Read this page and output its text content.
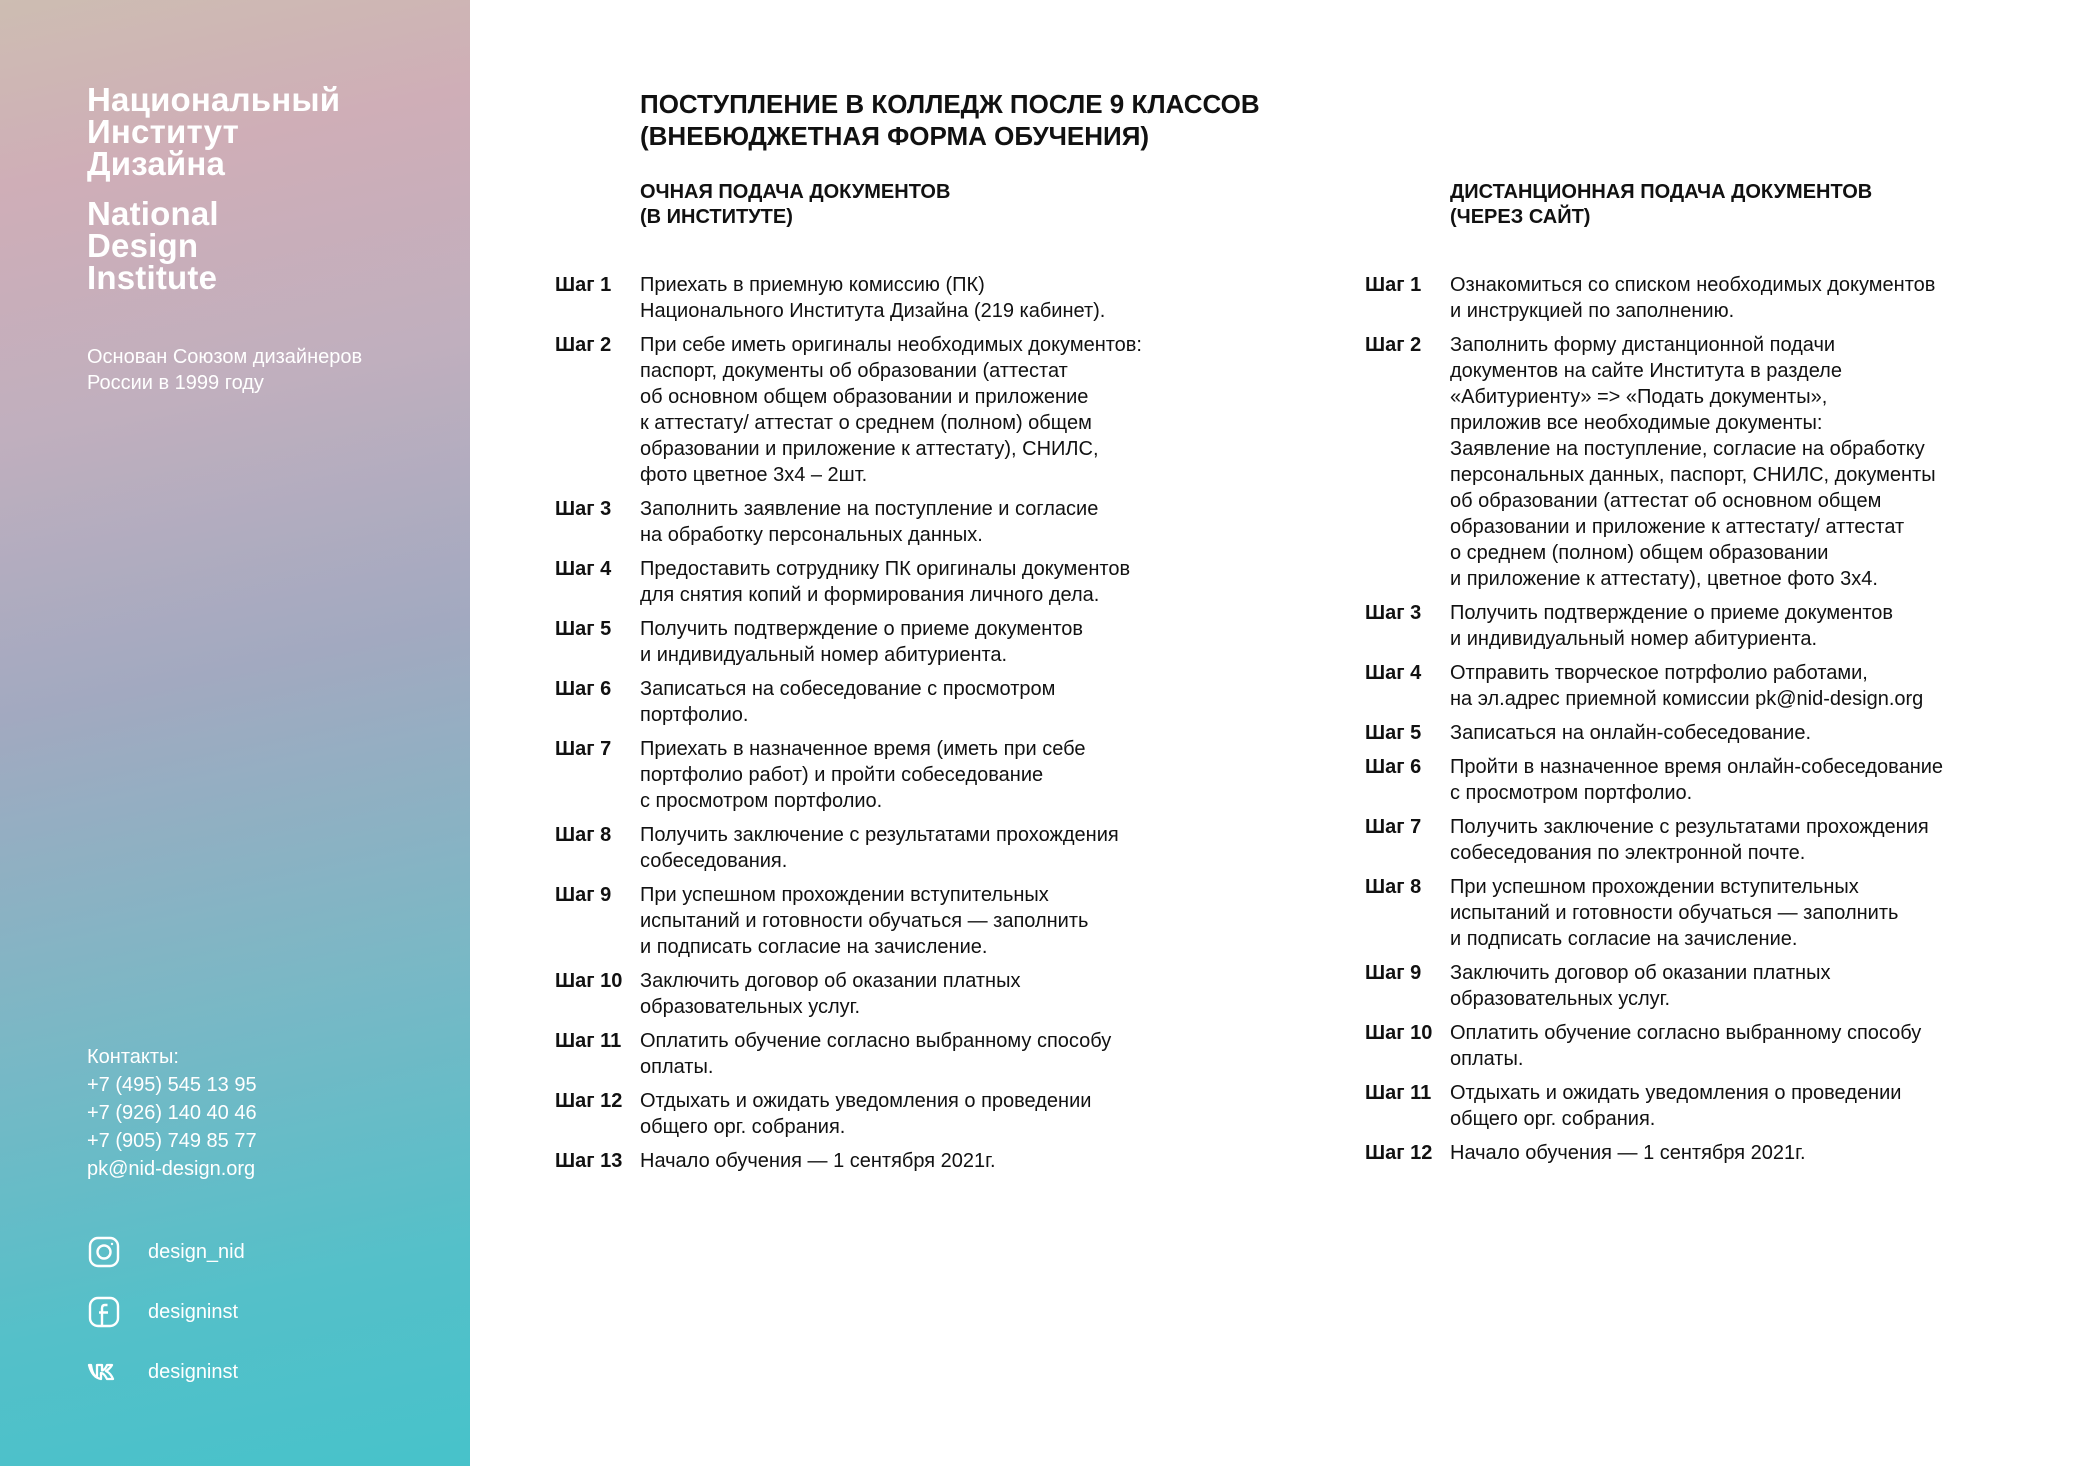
Национальный
Институт
Дизайна
National
Design
Institute
Основан Союзом дизайнеров
России в 1999 году
Контакты:
+7 (495) 545 13 95
+7 (926) 140 40 46
+7 (905) 749 85 77
pk@nid-design.org
design_nid
designinst
designinst
ПОСТУПЛЕНИЕ В КОЛЛЕДЖ ПОСЛЕ 9 КЛАССОВ
(ВНЕБЮДЖЕТНАЯ ФОРМА ОБУЧЕНИЯ)
ОЧНАЯ ПОДАЧА ДОКУМЕНТОВ
(В ИНСТИТУТЕ)
Шаг 1	Приехать в приемную комиссию (ПК)
Национального Института Дизайна (219 кабинет).
Шаг 2	При себе иметь оригиналы необходимых документов:
паспорт, документы об образовании (аттестат
об основном общем образовании и приложение
к аттестату/ аттестат о среднем (полном) общем
образовании и приложение к аттестату), СНИЛС,
фото цветное 3х4 – 2шт.
Шаг 3	Заполнить заявление на поступление и согласие
на обработку персональных данных.
Шаг 4	Предоставить сотруднику ПК оригиналы документов
для снятия копий и формирования личного дела.
Шаг 5	Получить подтверждение о приеме документов
и индивидуальный номер абитуриента.
Шаг 6	Записаться на собеседование с просмотром
портфолио.
Шаг 7	Приехать в назначенное время (иметь при себе
портфолио работ) и пройти собеседование
с просмотром портфолио.
Шаг 8	Получить заключение с результатами прохождения
собеседования.
Шаг 9	При успешном прохождении вступительных
испытаний и готовности обучаться — заполнить
и подписать согласие на зачисление.
Шаг 10 Заключить договор об оказании платных
образовательных услуг.
Шаг 11 Оплатить обучение согласно выбранному способу
оплаты.
Шаг 12 Отдыхать и ожидать уведомления о проведении
общего орг. собрания.
Шаг 13 Начало обучения — 1 сентября 2021г.
ДИСТАНЦИОННАЯ ПОДАЧА ДОКУМЕНТОВ
(ЧЕРЕЗ САЙТ)
Шаг 1	Ознакомиться со списком необходимых документов
и инструкцией по заполнению.
Шаг 2	Заполнить форму дистанционной подачи
документов на сайте Института в разделе
«Абитуриенту» => «Подать документы»,
приложив все необходимые документы:
Заявление на поступление, согласие на обработку
персональных данных, паспорт, СНИЛС, документы
об образовании (аттестат об основном общем
образовании и приложение к аттестату/ аттестат
о среднем (полном) общем образовании
и приложение к аттестату), цветное фото 3х4.
Шаг 3	Получить подтверждение о приеме документов
и индивидуальный номер абитуриента.
Шаг 4	Отправить творческое потрфолио работами,
на эл.адрес приемной комиссии pk@nid-design.org
Шаг 5	Записаться на онлайн-собеседование.
Шаг 6	Пройти в назначенное время онлайн-собеседование
с просмотром портфолио.
Шаг 7	Получить заключение с результатами прохождения
собеседования по электронной почте.
Шаг 8	При успешном прохождении вступительных
испытаний и готовности обучаться — заполнить
и подписать согласие на зачисление.
Шаг 9	Заключить договор об оказании платных
образовательных услуг.
Шаг 10 Оплатить обучение согласно выбранному способу
оплаты.
Шаг 11 Отдыхать и ожидать уведомления о проведении
общего орг. собрания.
Шаг 12 Начало обучения — 1 сентября 2021г.
